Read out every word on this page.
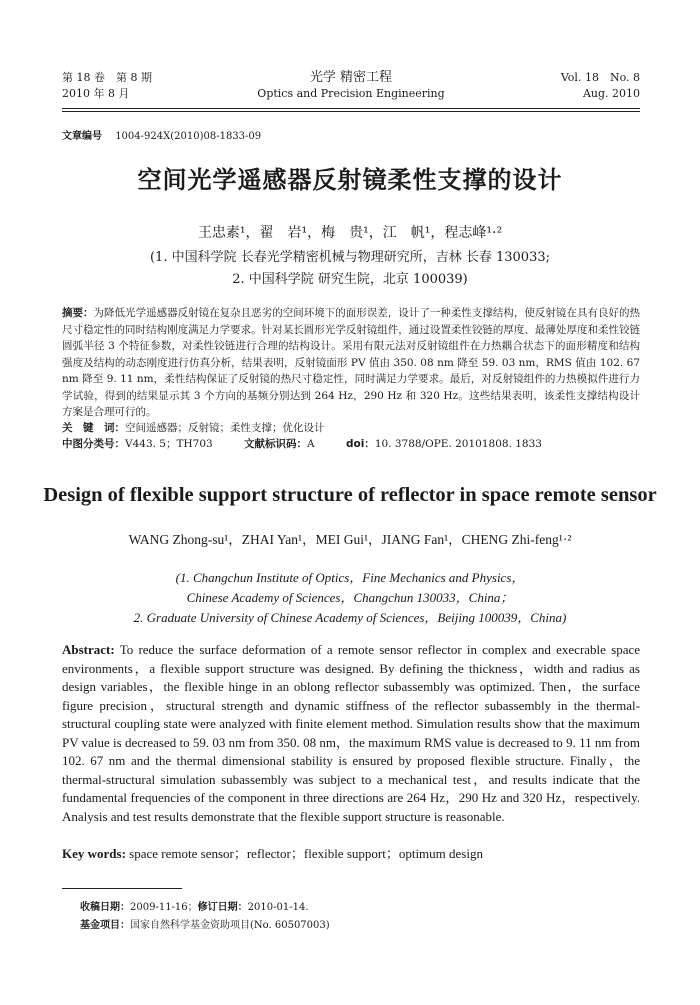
第 18 卷　第 8 期
2010 年 8 月
光学 精密工程
Optics and Precision Engineering
Vol. 18　No. 8
Aug. 2010
文章编号 1004-924X(2010)08-1833-09
空间光学遥感器反射镜柔性支撑的设计
王忠素¹，翟　岩¹，梅　贵¹，江　帆¹，程志峰¹·²
(1. 中国科学院 长春光学精密机械与物理研究所，吉林 长春 130033;
2. 中国科学院 研究生院，北京 100039)
摘要：为降低光学遥感器反射镜在复杂且恶劣的空间环境下的面形误差，设计了一种柔性支撑结构，使反射镜在具有良好的热尺寸稳定性的同时结构刚度满足力学要求。针对某长圆形光学反射镜组件，通过设置柔性铰链的厚度、最薄处厚度和柔性铰链圆弧半径 3 个特征参数，对柔性铰链进行合理的结构设计。采用有限元法对反射镜组件在力热耦合状态下的面形精度和结构强度及结构的动态刚度进行仿真分析，结果表明，反射镜面形 PV 值由 350. 08 nm 降至 59. 03 nm，RMS 值由 102. 67 nm 降至 9. 11 nm，柔性结构保证了反射镜的热尺寸稳定性，同时满足力学要求。最后，对反射镜组件的力热模拟件进行力学试验，得到的结果显示其 3 个方向的基频分别达到 264 Hz，290 Hz 和 320 Hz。这些结果表明，该柔性支撑结构设计方案是合理可行的。
关　键　词：空间遥感器；反射镜；柔性支撑；优化设计
中图分类号：V443. 5；TH703	文献标识码：A	doi：10. 3788/OPE. 20101808. 1833
Design of flexible support structure of reflector in space remote sensor
WANG Zhong-su¹，ZHAI Yan¹，MEI Gui¹，JIANG Fan¹，CHENG Zhi-feng¹·²
(1. Changchun Institute of Optics，Fine Mechanics and Physics，
Chinese Academy of Sciences，Changchun 130033，China；
2. Graduate University of Chinese Academy of Sciences，Beijing 100039，China)
Abstract: To reduce the surface deformation of a remote sensor reflector in complex and execrable space environments，a flexible support structure was designed. By defining the thickness，width and radius as design variables，the flexible hinge in an oblong reflector subassembly was optimized. Then，the surface figure precision，structural strength and dynamic stiffness of the reflector subassembly in the thermal-structural coupling state were analyzed with finite element method. Simulation results show that the maximum PV value is decreased to 59. 03 nm from 350. 08 nm，the maximum RMS value is decreased to 9. 11 nm from 102. 67 nm and the thermal dimensional stability is ensured by proposed flexible structure. Finally，the thermal-structural simulation subassembly was subject to a mechanical test，and results indicate that the fundamental frequencies of the component in three directions are 264 Hz，290 Hz and 320 Hz，respectively. Analysis and test results demonstrate that the flexible support structure is reasonable.
Key words: space remote sensor；reflector；flexible support；optimum design
收稿日期：2009-11-16；修订日期：2010-01-14.
基金项目：国家自然科学基金资助项目(No. 60507003)
